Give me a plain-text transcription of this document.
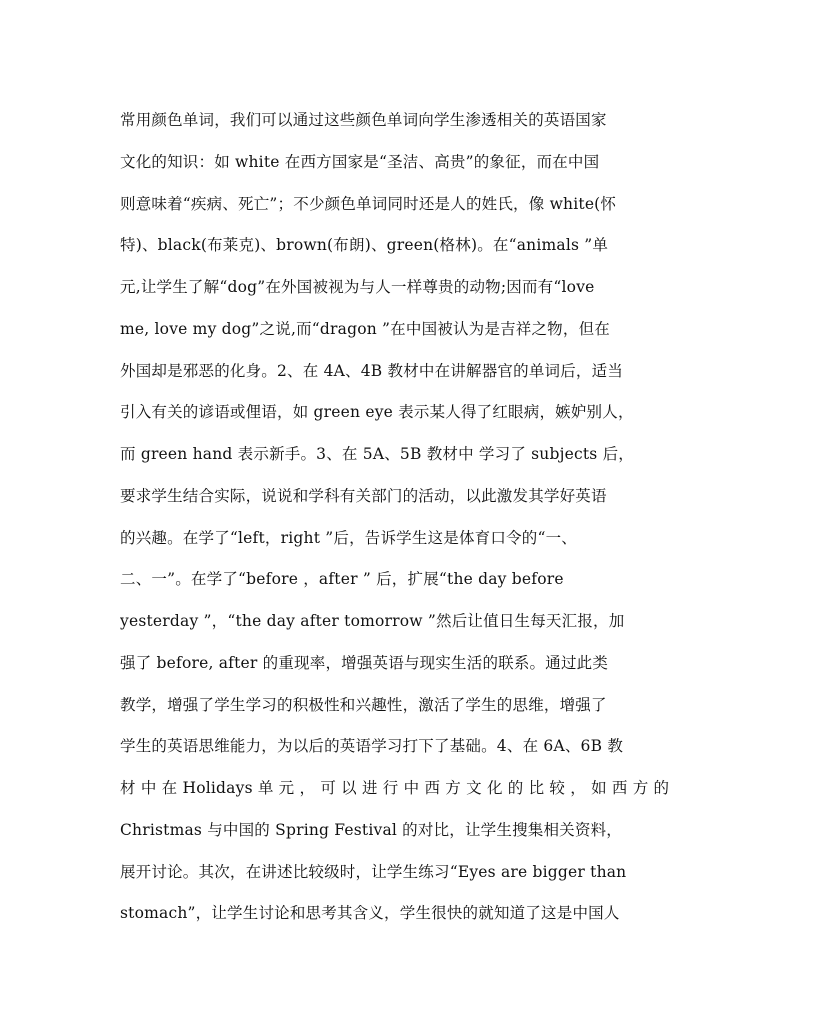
常用颜色单词，我们可以通过这些颜色单词向学生渗透相关的英语国家
文化的知识：如 white 在西方国家是“圣洁、高贵”的象征，而在中国
则意味着“疾病、死亡”；不少颜色单词同时还是人的姓氏，像 white(怀
特)、black(布莱克)、brown(布朗)、green(格林)。在“animals ”单
元,让学生了解“dog”在外国被视为与人一样尊贵的动物;因而有“love
me, love my dog”之说,而“dragon ”在中国被认为是吉祥之物，但在
外国却是邪恶的化身。2、在 4A、4B 教材中在讲解器官的单词后，适当
引入有关的谚语或俚语，如 green eye 表示某人得了红眼病，嫉妒别人，
而 green hand 表示新手。3、在 5A、5B 教材中 学习了 subjects 后，
要求学生结合实际，说说和学科有关部门的活动，以此激发其学好英语
的兴趣。在学了“left，right ”后，告诉学生这是体育口令的“一、
二、一”。在学了“before ，after ” 后，扩展“the day before
yesterday ”，“the day after tomorrow ”然后让值日生每天汇报，加
强了 before, after 的重现率，增强英语与现实生活的联系。通过此类
教学，增强了学生学习的积极性和兴趣性，激活了学生的思维，增强了
学生的英语思维能力，为以后的英语学习打下了基础。4、在 6A、6B 教
材 中 在 Holidays 单 元 ， 可 以 进 行 中 西 方 文 化 的 比 较 ， 如 西 方 的
Christmas 与中国的 Spring Festival 的对比，让学生搜集相关资料，
展开讨论。其次，在讲述比较级时，让学生练习“Eyes are bigger than
stomach”，让学生讨论和思考其含义，学生很快的就知道了这是中国人
